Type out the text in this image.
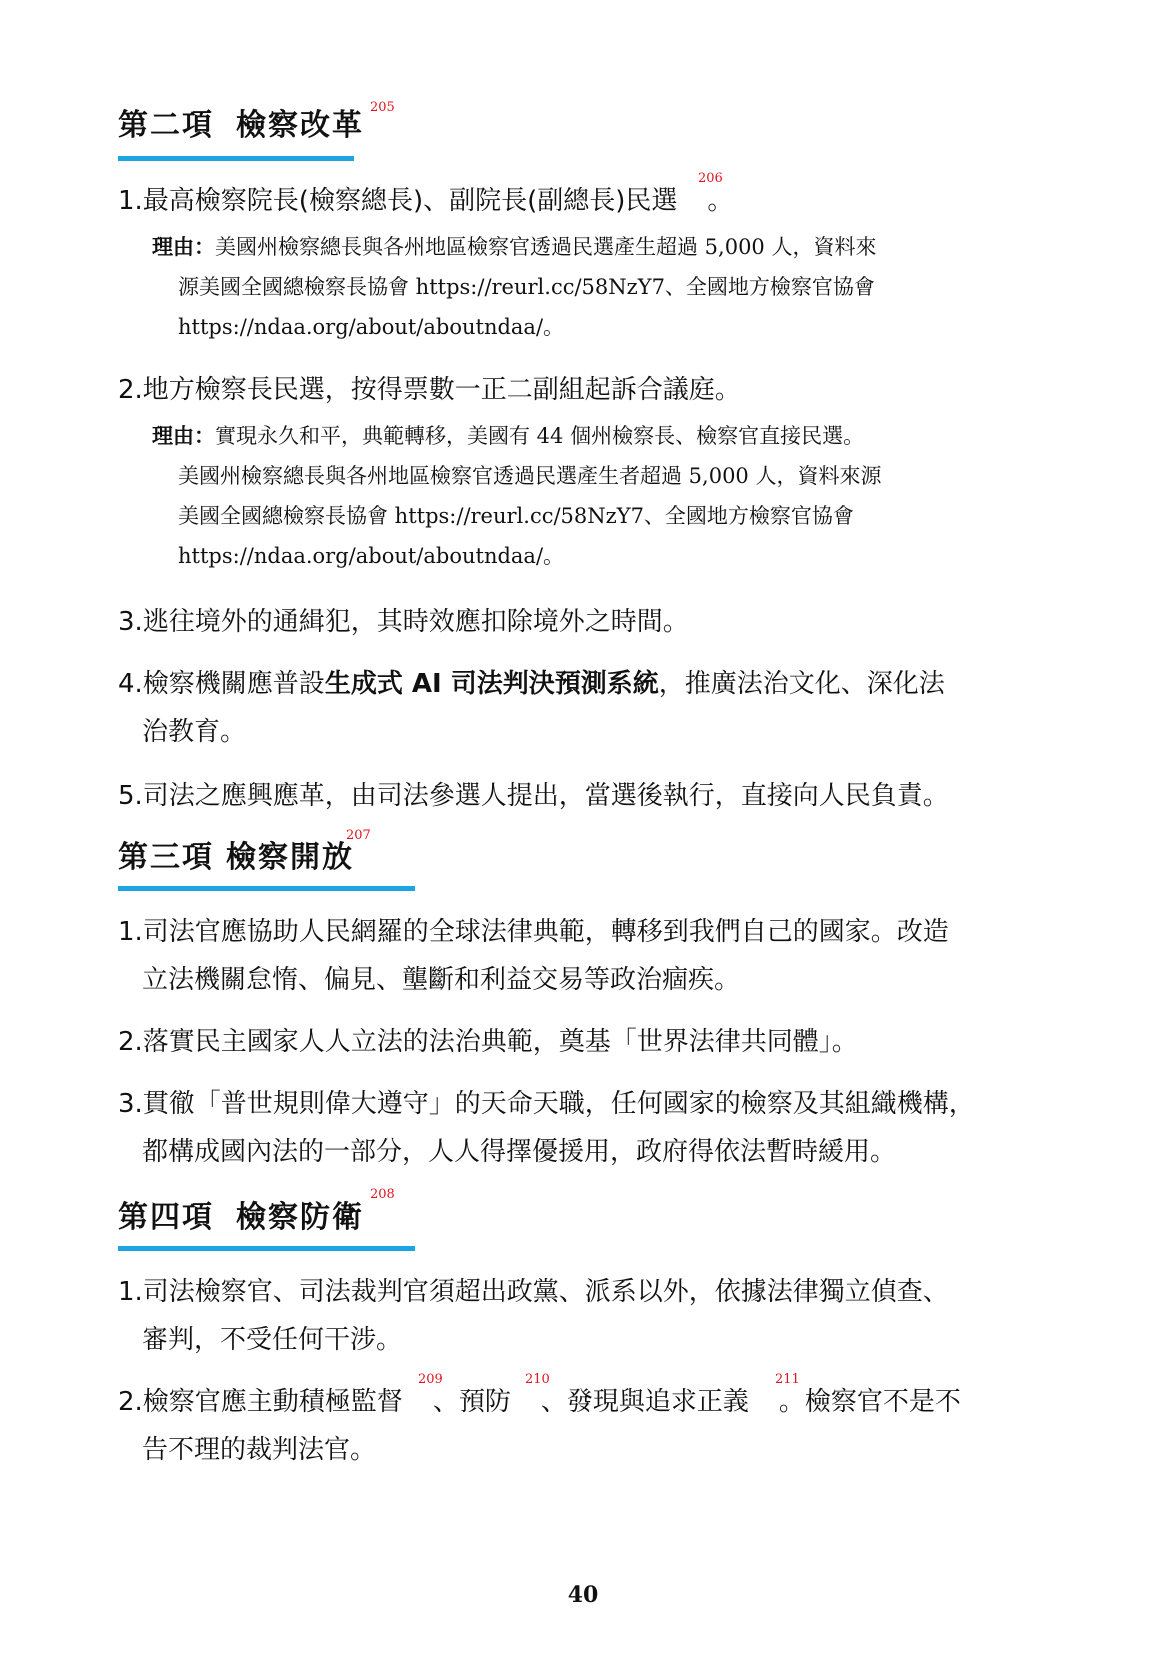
第二項 檢察改革
205
1.最高檢察院長(檢察總長)、副院長(副總長)民選 。
206
理由：美國州檢察總長與各州地區檢察官透過民選產生超過 5,000 人，資料來
源美國全國總檢察長協會 https://reurl.cc/58NzY7、全國地方檢察官協會
https://ndaa.org/about/aboutndaa/。
2.地方檢察長民選，按得票數一正二副組起訴合議庭。
理由：實現永久和平，典範轉移，美國有 44 個州檢察長、檢察官直接民選。
美國州檢察總長與各州地區檢察官透過民選產生者超過 5,000 人，資料來源
美國全國總檢察長協會 https://reurl.cc/58NzY7、全國地方檢察官協會
https://ndaa.org/about/aboutndaa/。
3.逃往境外的通緝犯，其時效應扣除境外之時間。
4.檢察機關應普設生成式 AI 司法判決預測系統，推廣法治文化、深化法
治教育。
5.司法之應興應革，由司法參選人提出，當選後執行，直接向人民負責。
第三項 檢察開放
207
1.司法官應協助人民網羅的全球法律典範，轉移到我們自己的國家。改造
立法機關怠惰、偏見、壟斷和利益交易等政治痼疾。
2.落實民主國家人人立法的法治典範，奠基「世界法律共同體」。
3.貫徹「普世規則偉大遵守」的天命天職，任何國家的檢察及其組織機構，
都構成國內法的一部分，人人得擇優援用，政府得依法暫時緩用。
第四項 檢察防衛
208
1.司法檢察官、司法裁判官須超出政黨、派系以外，依據法律獨立偵查、
審判，不受任何干涉。
2.檢察官應主動積極監督 、預防 、發現與追求正義 。檢察官不是不
告不理的裁判法官。
209	210	211
40
